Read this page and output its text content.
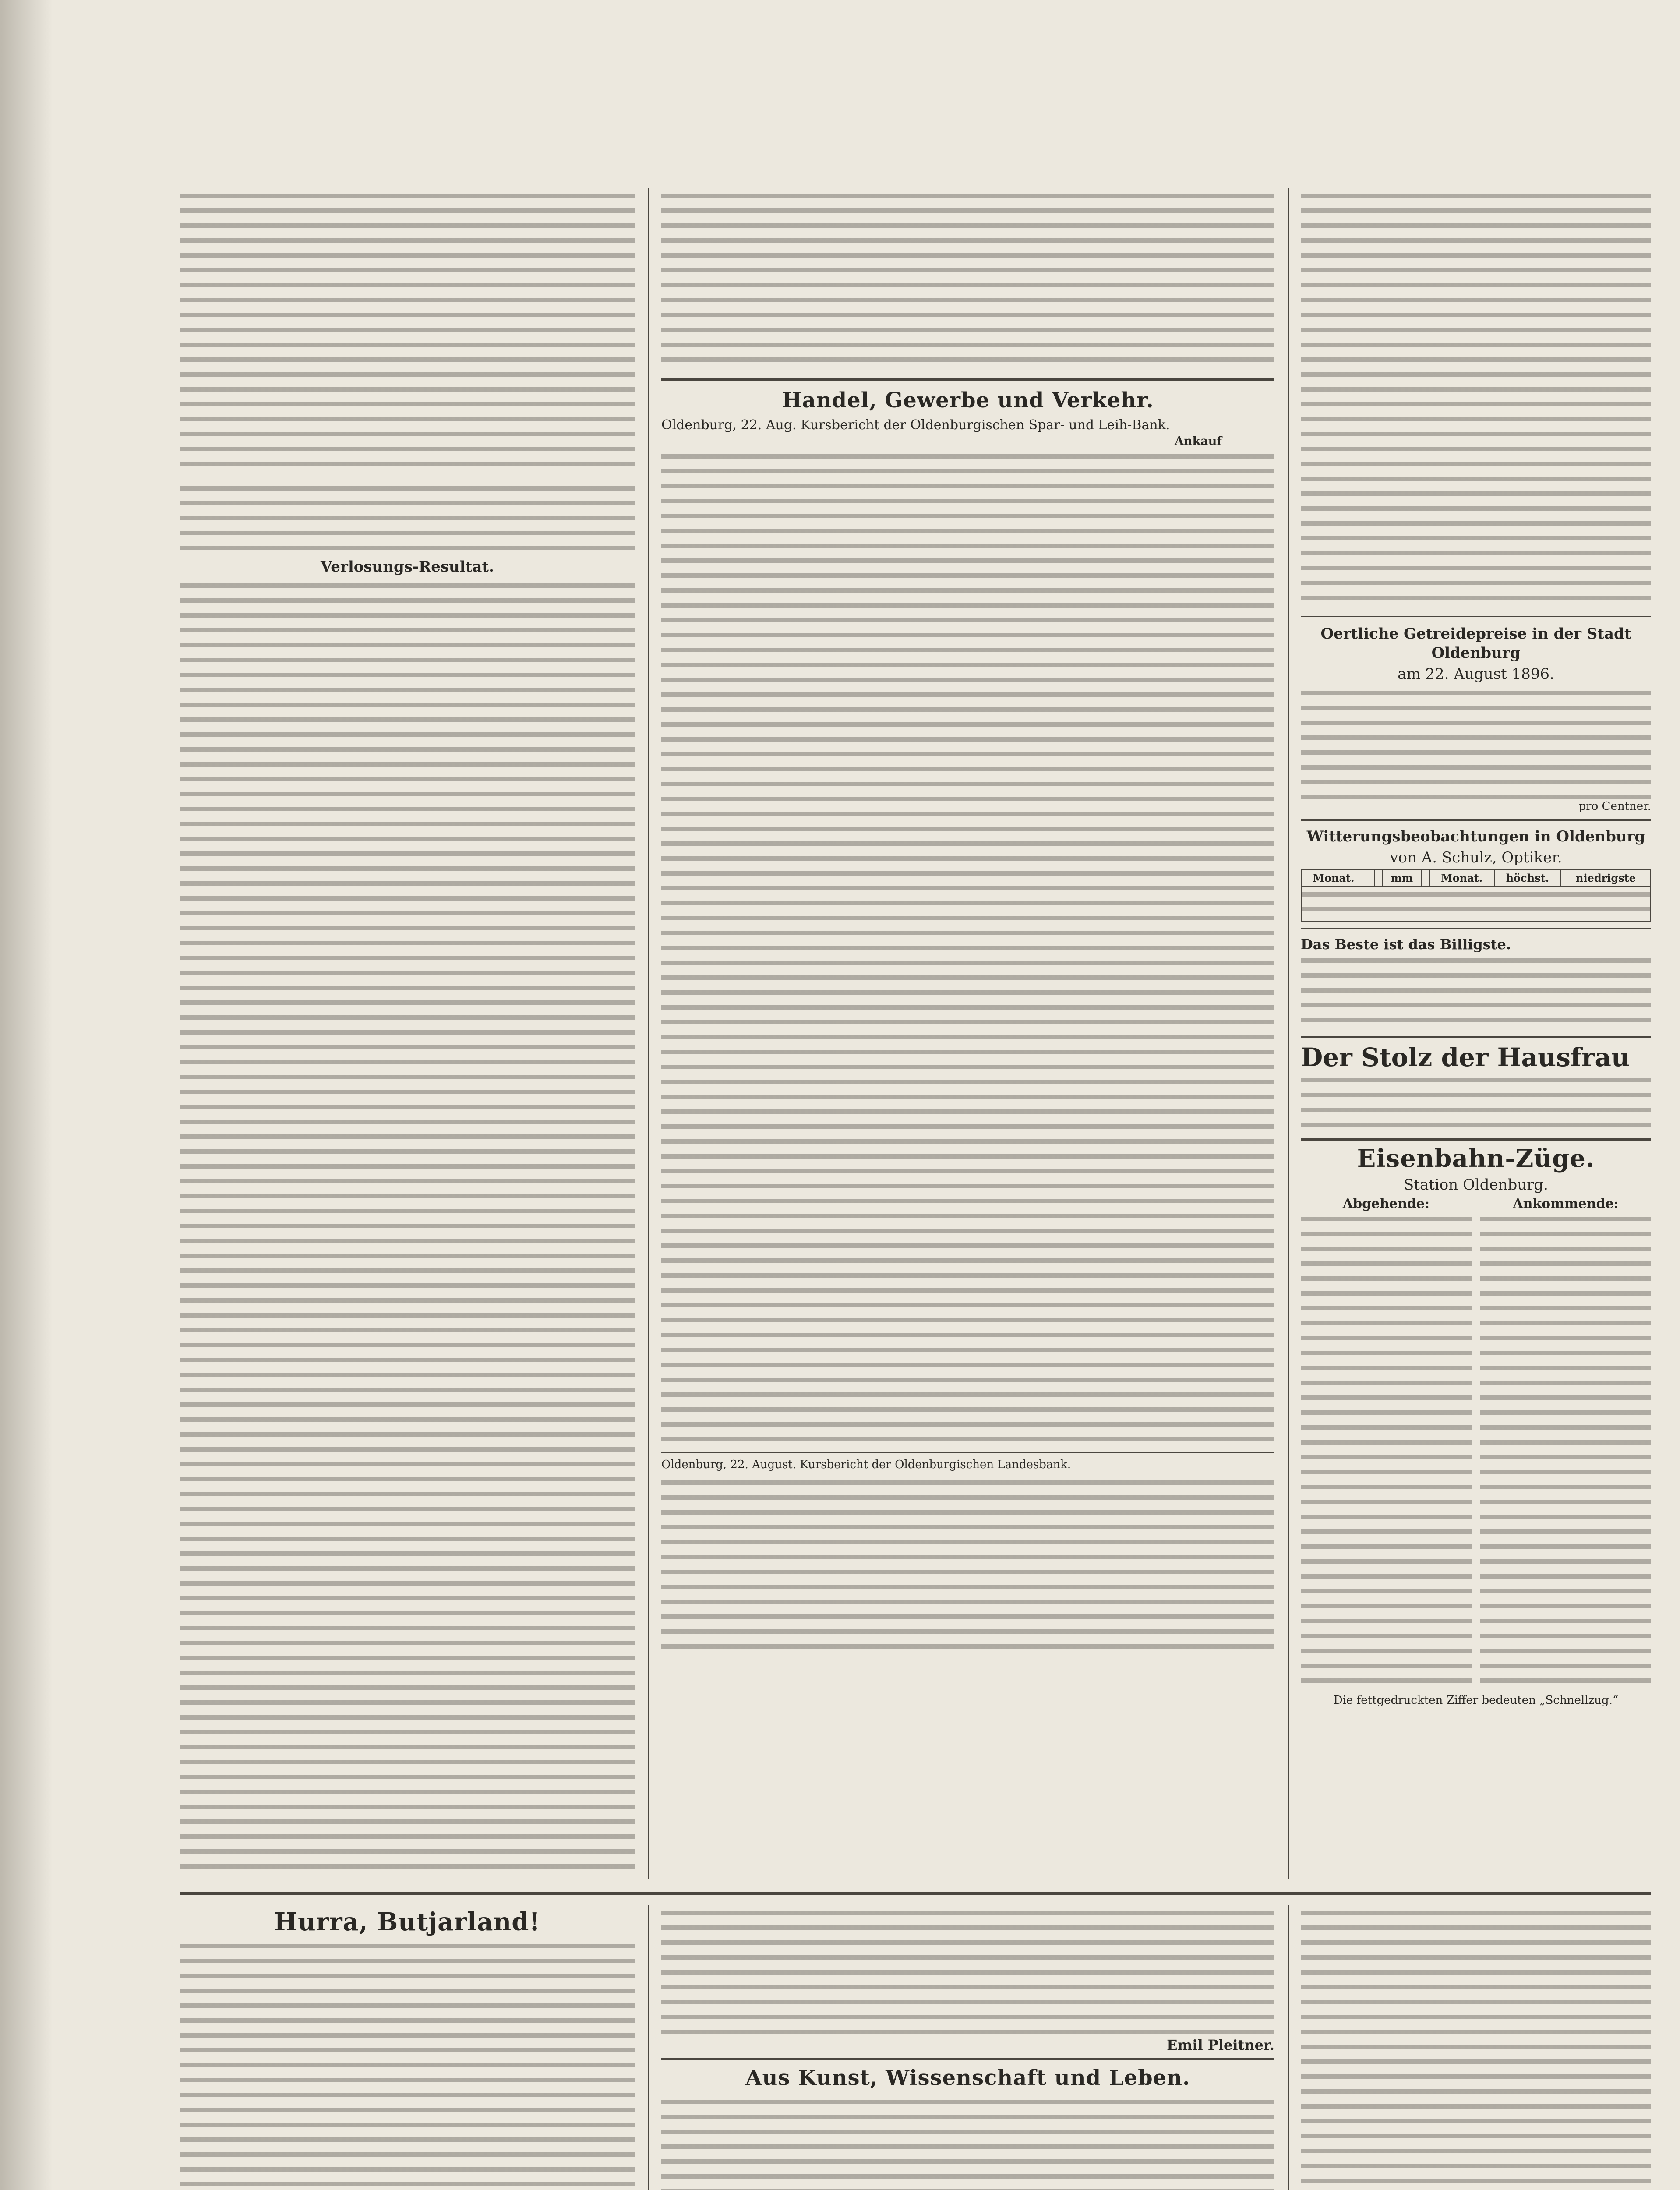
Verlosungs-Resultat.
Handel, Gewerbe und Verkehr.
Oldenburg, 22. Aug. Kursbericht der Oldenburgischen Spar- und Leih-Bank.
Ankauf
Oldenburg, 22. August. Kursbericht der Oldenburgischen Landesbank.
Oertliche Getreidepreise in der Stadt Oldenburg
am 22. August 1896.
pro Centner.
Witterungsbeobachtungen in Oldenburg
von A. Schulz, Optiker.
Monat.			mm		Monat.	höchst.	niedrigste

Das Beste ist das Billigste.
Der Stolz der Hausfrau
Eisenbahn-Züge.
Station Oldenburg.
Abgehende:	Ankommende:
Die fettgedruckten Ziffer bedeuten „Schnellzug.“
Hurra, Butjarland!
Emil Pleitner.
Aus Kunst, Wissenschaft und Leben.
